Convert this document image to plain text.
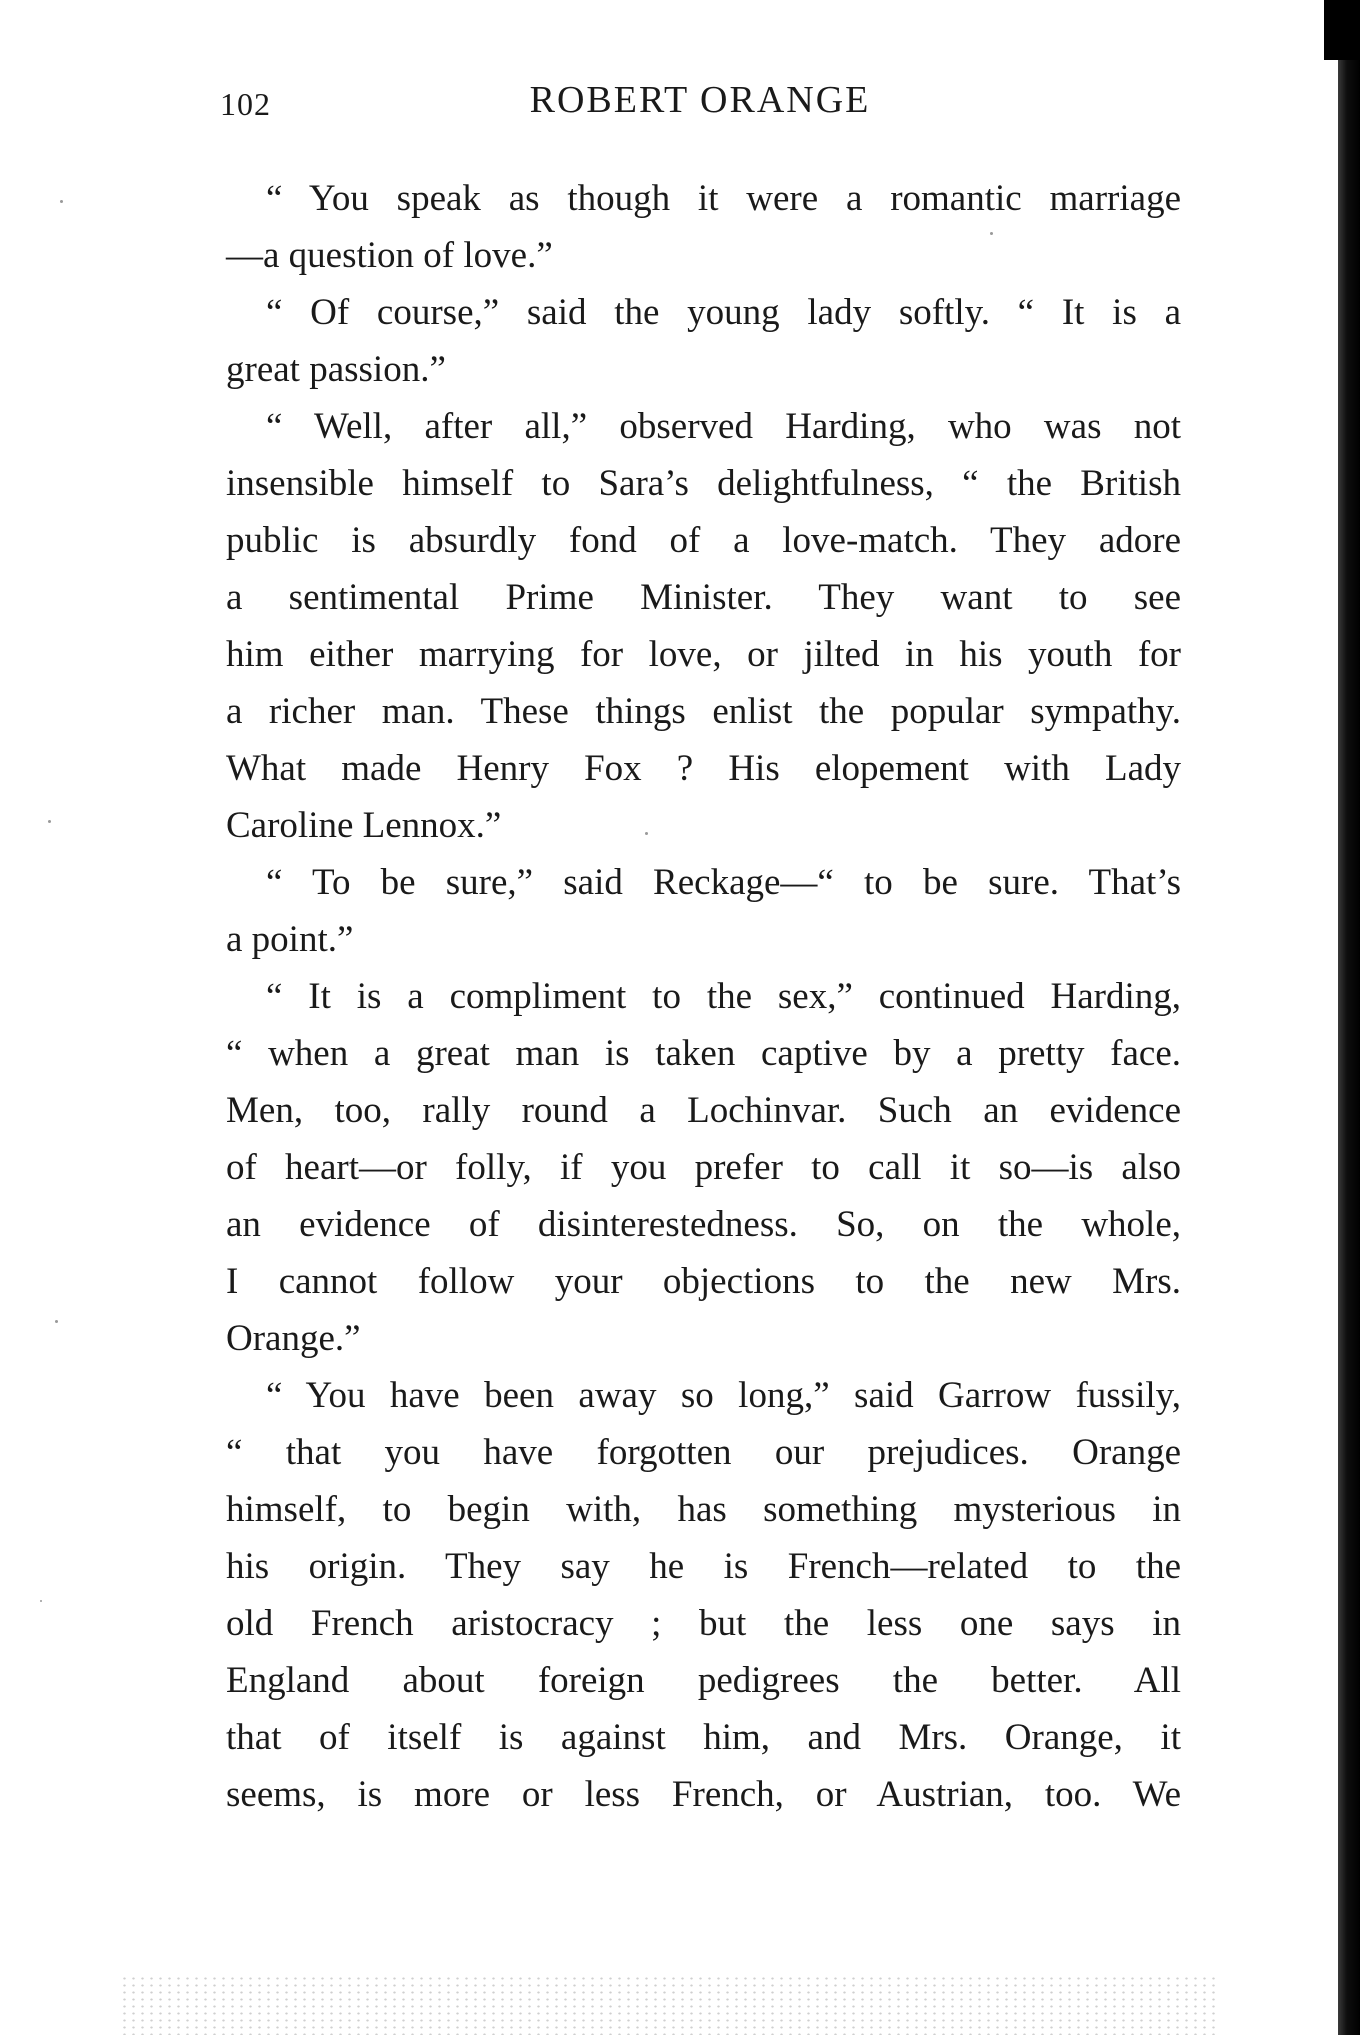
102	ROBERT ORANGE
“ You speak as though it were a romantic marriage
—a question of love.”
“ Of course,” said the young lady softly. “ It is a
great passion.”
“ Well, after all,” observed Harding, who was not
insensible himself to Sara’s delightfulness, “ the British
public is absurdly fond of a love-match. They adore
a sentimental Prime Minister. They want to see
him either marrying for love, or jilted in his youth for
a richer man. These things enlist the popular sympathy.
What made Henry Fox ? His elopement with Lady
Caroline Lennox.”
“ To be sure,” said Reckage—“ to be sure. That’s
a point.”
“ It is a compliment to the sex,” continued Harding,
“ when a great man is taken captive by a pretty face.
Men, too, rally round a Lochinvar. Such an evidence
of heart—or folly, if you prefer to call it so—is also
an evidence of disinterestedness. So, on the whole,
I cannot follow your objections to the new Mrs.
Orange.”
“ You have been away so long,” said Garrow fussily,
“ that you have forgotten our prejudices. Orange
himself, to begin with, has something mysterious in
his origin. They say he is French—related to the
old French aristocracy ; but the less one says in
England about foreign pedigrees the better. All
that of itself is against him, and Mrs. Orange, it
seems, is more or less French, or Austrian, too. We
